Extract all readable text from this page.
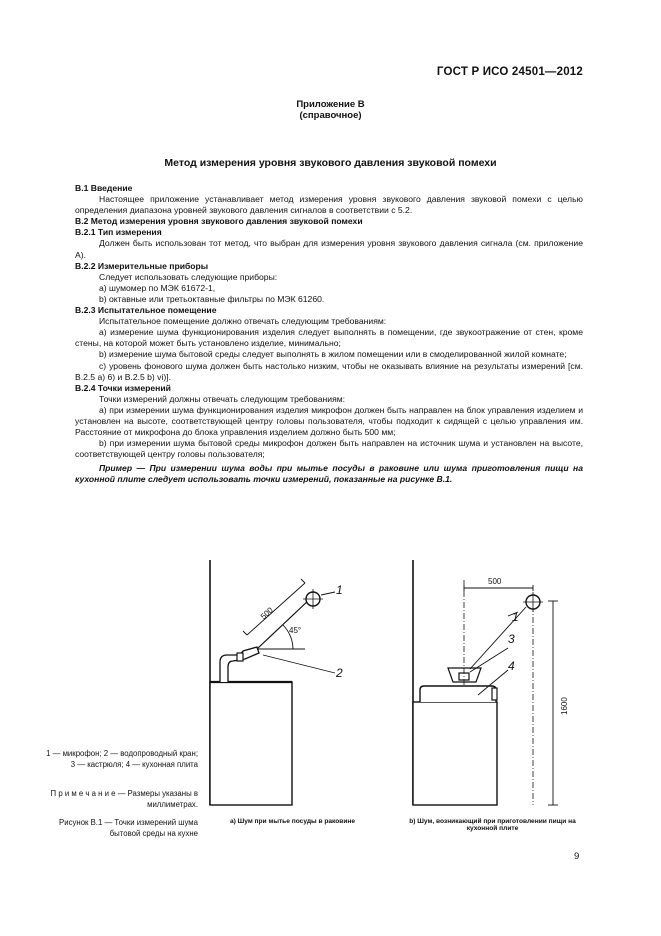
ГОСТ Р ИСО 24501—2012
Приложение В
(справочное)
Метод измерения уровня звукового давления звуковой помехи

В.1 Введение

Настоящее приложение устанавливает метод измерения уровня звукового давления звуковой помехи с целью определения диапазона уровней звукового давления сигналов в соответствии с 5.2.

В.2 Метод измерения уровня звукового давления звуковой помехи

В.2.1 Тип измерения

Должен быть использован тот метод, что выбран для измерения уровня звукового давления сигнала (см. приложение А).

В.2.2 Измерительные приборы

Следует использовать следующие приборы:

а) шумомер по МЭК 61672-1,

b) октавные или третьоктавные фильтры по МЭК 61260.

В.2.3 Испытательное помещение

Испытательное помещение должно отвечать следующим требованиям:

а) измерение шума функционирования изделия следует выполнять в помещении, где звукоотражение от стен, кроме стены, на которой может быть установлено изделие, минимально;

b) измерение шума бытовой среды следует выполнять в жилом помещении или в смоделированной жилой комнате;

с) уровень фонового шума должен быть настолько низким, чтобы не оказывать влияние на результаты измерений [см. В.2.5 а) 6) и В.2.5 b) vi)].

В.2.4 Точки измерений

Точки измерений должны отвечать следующим требованиям:

а) при измерении шума функционирования изделия микрофон должен быть направлен на блок управления изделием и установлен на высоте, соответствующей центру головы пользователя, чтобы подходит к сидящей с целью управления им. Расстояние от микрофона до блока управления изделием должно быть 500 мм;

b) при измерении шума бытовой среды микрофон должен быть направлен на источник шума и установлен на высоте, соответствующей центру головы пользователя;

Пример — При измерении шума воды при мытье посуды в раковине или шума приготовления пищи на кухонной плите следует использовать точки измерений, показанные на рисунке В.1.

500
45°
1
2
500
1600
1
3
4
1 — микрофон; 2 — водопроводный кран; 3 — кастрюля; 4 — кухонная плита
П р и м е ч а н и е — Размеры указаны в миллиметрах.
Рисунок В.1 — Точки измерений шума бытовой среды на кухне
а) Шум при мытье посуды в раковине	b) Шум, возникающий при приготовлении пищи на кухонной плите
9
